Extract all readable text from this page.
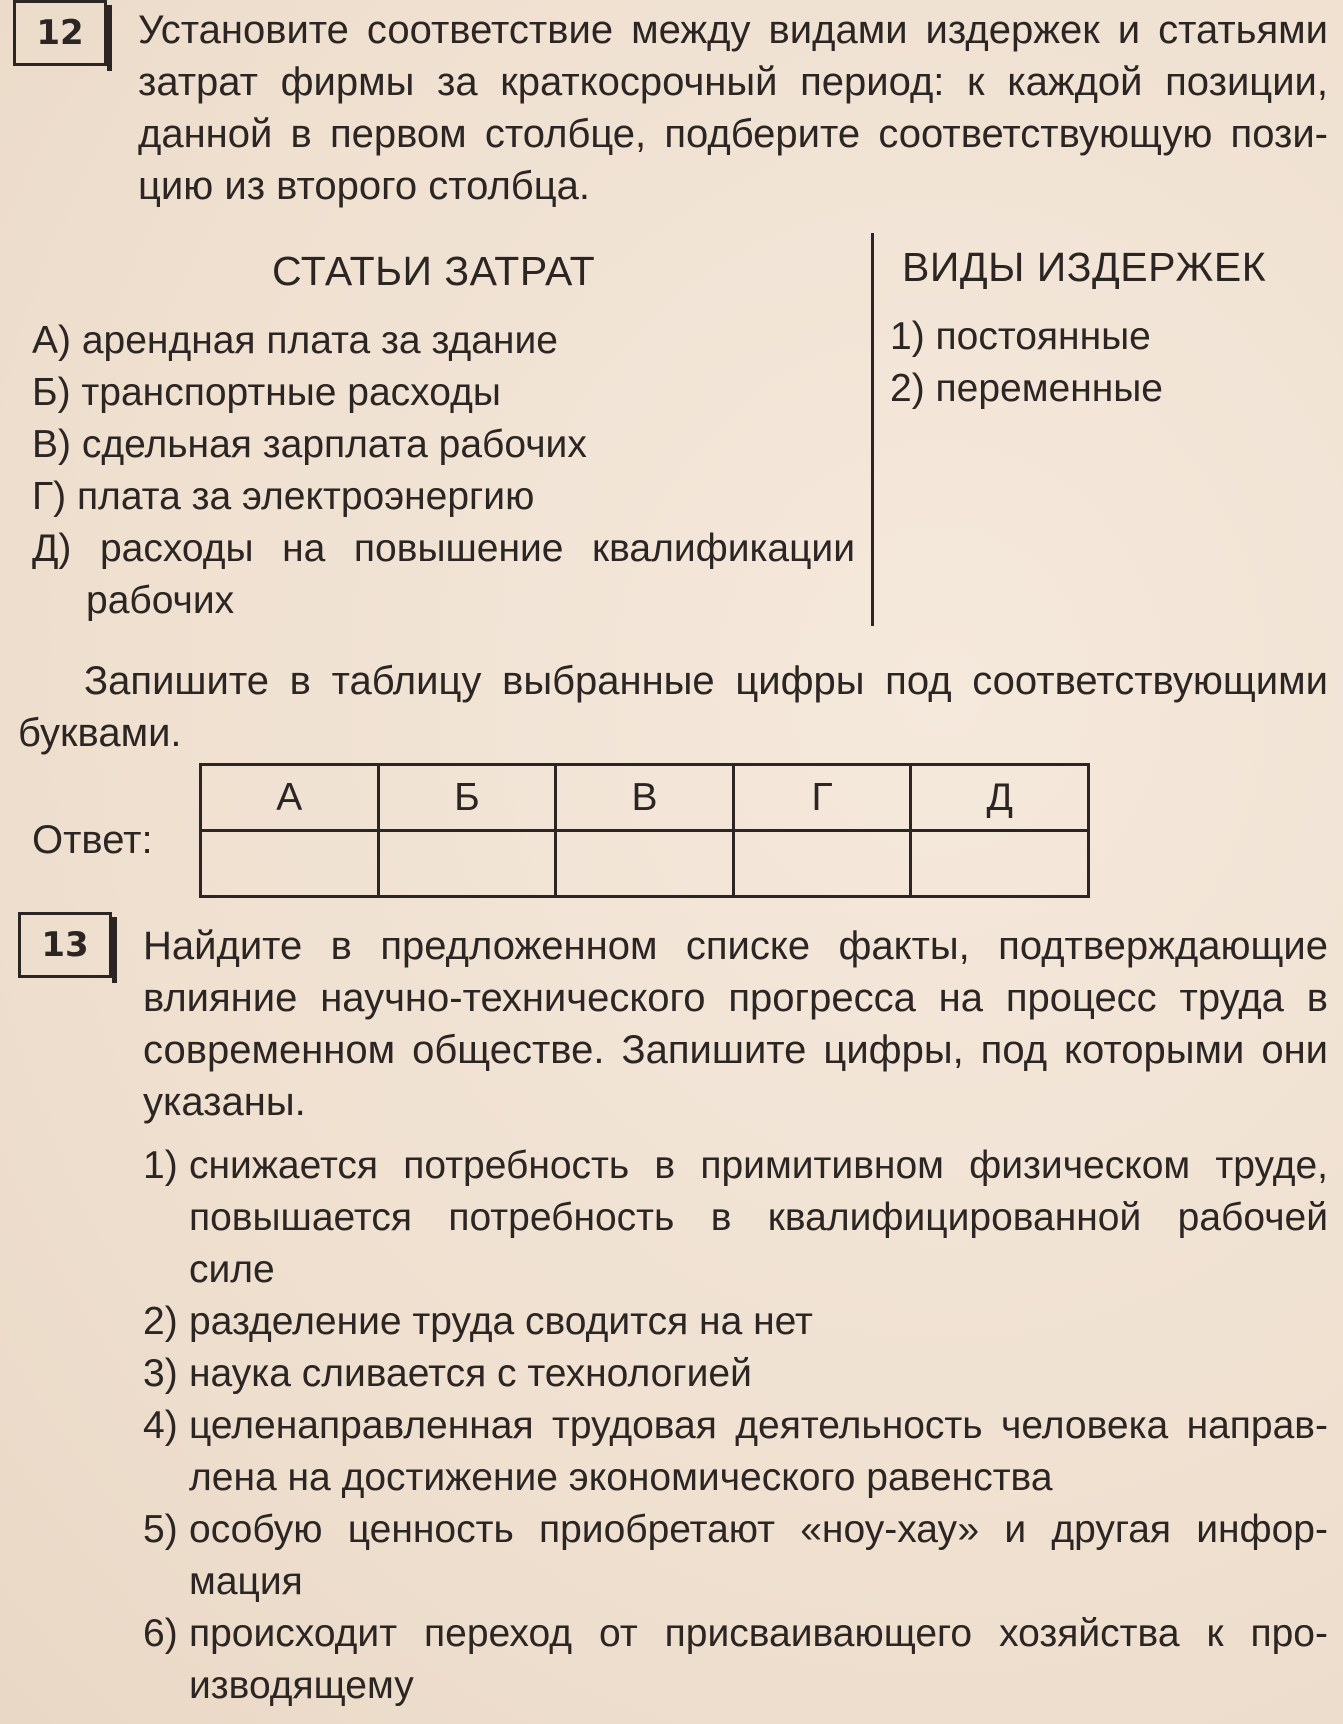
12 Установите соответствие между видами издержек и статьями
затрат фирмы за краткосрочный период: к каждой позиции,
данной в первом столбце, подберите соответствующую пози-
цию из второго столбца.
СТАТЬИ ЗАТРАТ	ВИДЫ ИЗДЕРЖЕК
А) арендная плата за здание
Б) транспортные расходы
В) сдельная зарплата рабочих
Г) плата за электроэнергию
Д) расходы на повышение квалификации
рабочих
1) постоянные
2) переменные
Запишите в таблицу выбранные цифры под соответствующими
буквами.
Ответ:
А	Б	В	Г	Д

13 Найдите в предложенном списке факты, подтверждающие
влияние научно-технического прогресса на процесс труда в
современном обществе. Запишите цифры, под которыми они
указаны.
1) снижается потребность в примитивном физическом труде,
повышается потребность в квалифицированной рабочей
силе
2) разделение труда сводится на нет
3) наука сливается с технологией
4) целенаправленная трудовая деятельность человека направ-
лена на достижение экономического равенства
5) особую ценность приобретают «ноу-хау» и другая инфор-
мация
6) происходит переход от присваивающего хозяйства к про-
изводящему
